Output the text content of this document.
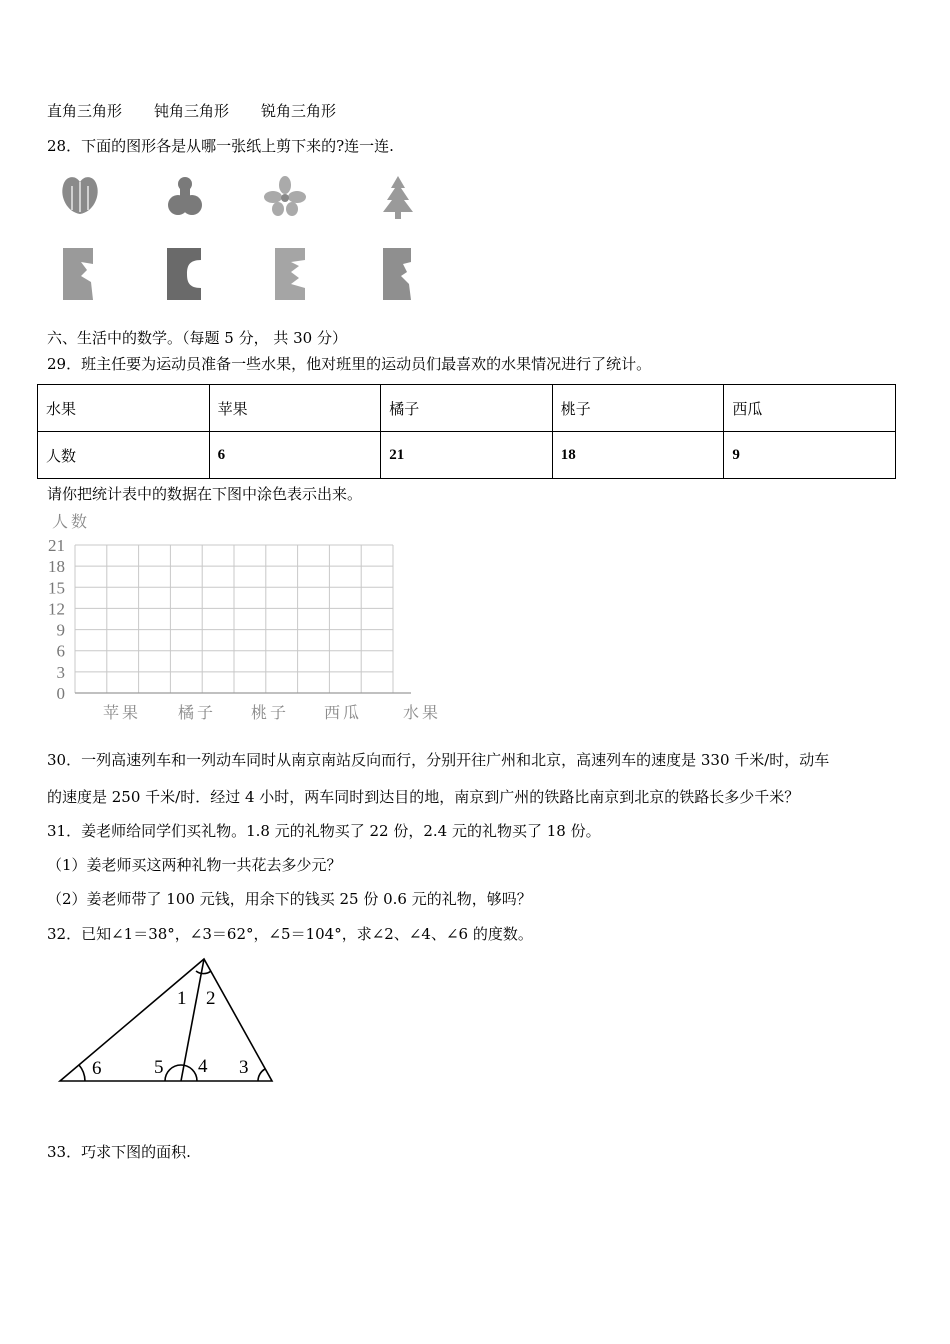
直角三角形 钝角三角形 锐角三角形
28．下面的图形各是从哪一张纸上剪下来的?连一连.
六、生活中的数学。（每题 5 分， 共 30 分）
29．班主任要为运动员准备一些水果，他对班里的运动员们最喜欢的水果情况进行了统计。
水果	苹果	橘子	桃子	西瓜
人数	6	21	18	9
请你把统计表中的数据在下图中涂色表示出来。
21
18
15
12
9
6
3
0
人数
苹果 橘子 桃子 西瓜	水果
30．一列高速列车和一列动车同时从南京南站反向而行，分别开往广州和北京，高速列车的速度是 330 千米/时，动车
的速度是 250 千米/时．经过 4 小时，两车同时到达目的地，南京到广州的铁路比南京到北京的铁路长多少千米？
31．姜老师给同学们买礼物。1.8 元的礼物买了 22 份，2.4 元的礼物买了 18 份。
（1）姜老师买这两种礼物一共花去多少元？
（2）姜老师带了 100 元钱，用余下的钱买 25 份 0.6 元的礼物，够吗？
32．已知∠1＝38°，∠3＝62°，∠5＝104°，求∠2、∠4、∠6 的度数。
1 2
3
4
5
6
33．巧求下图的面积.
